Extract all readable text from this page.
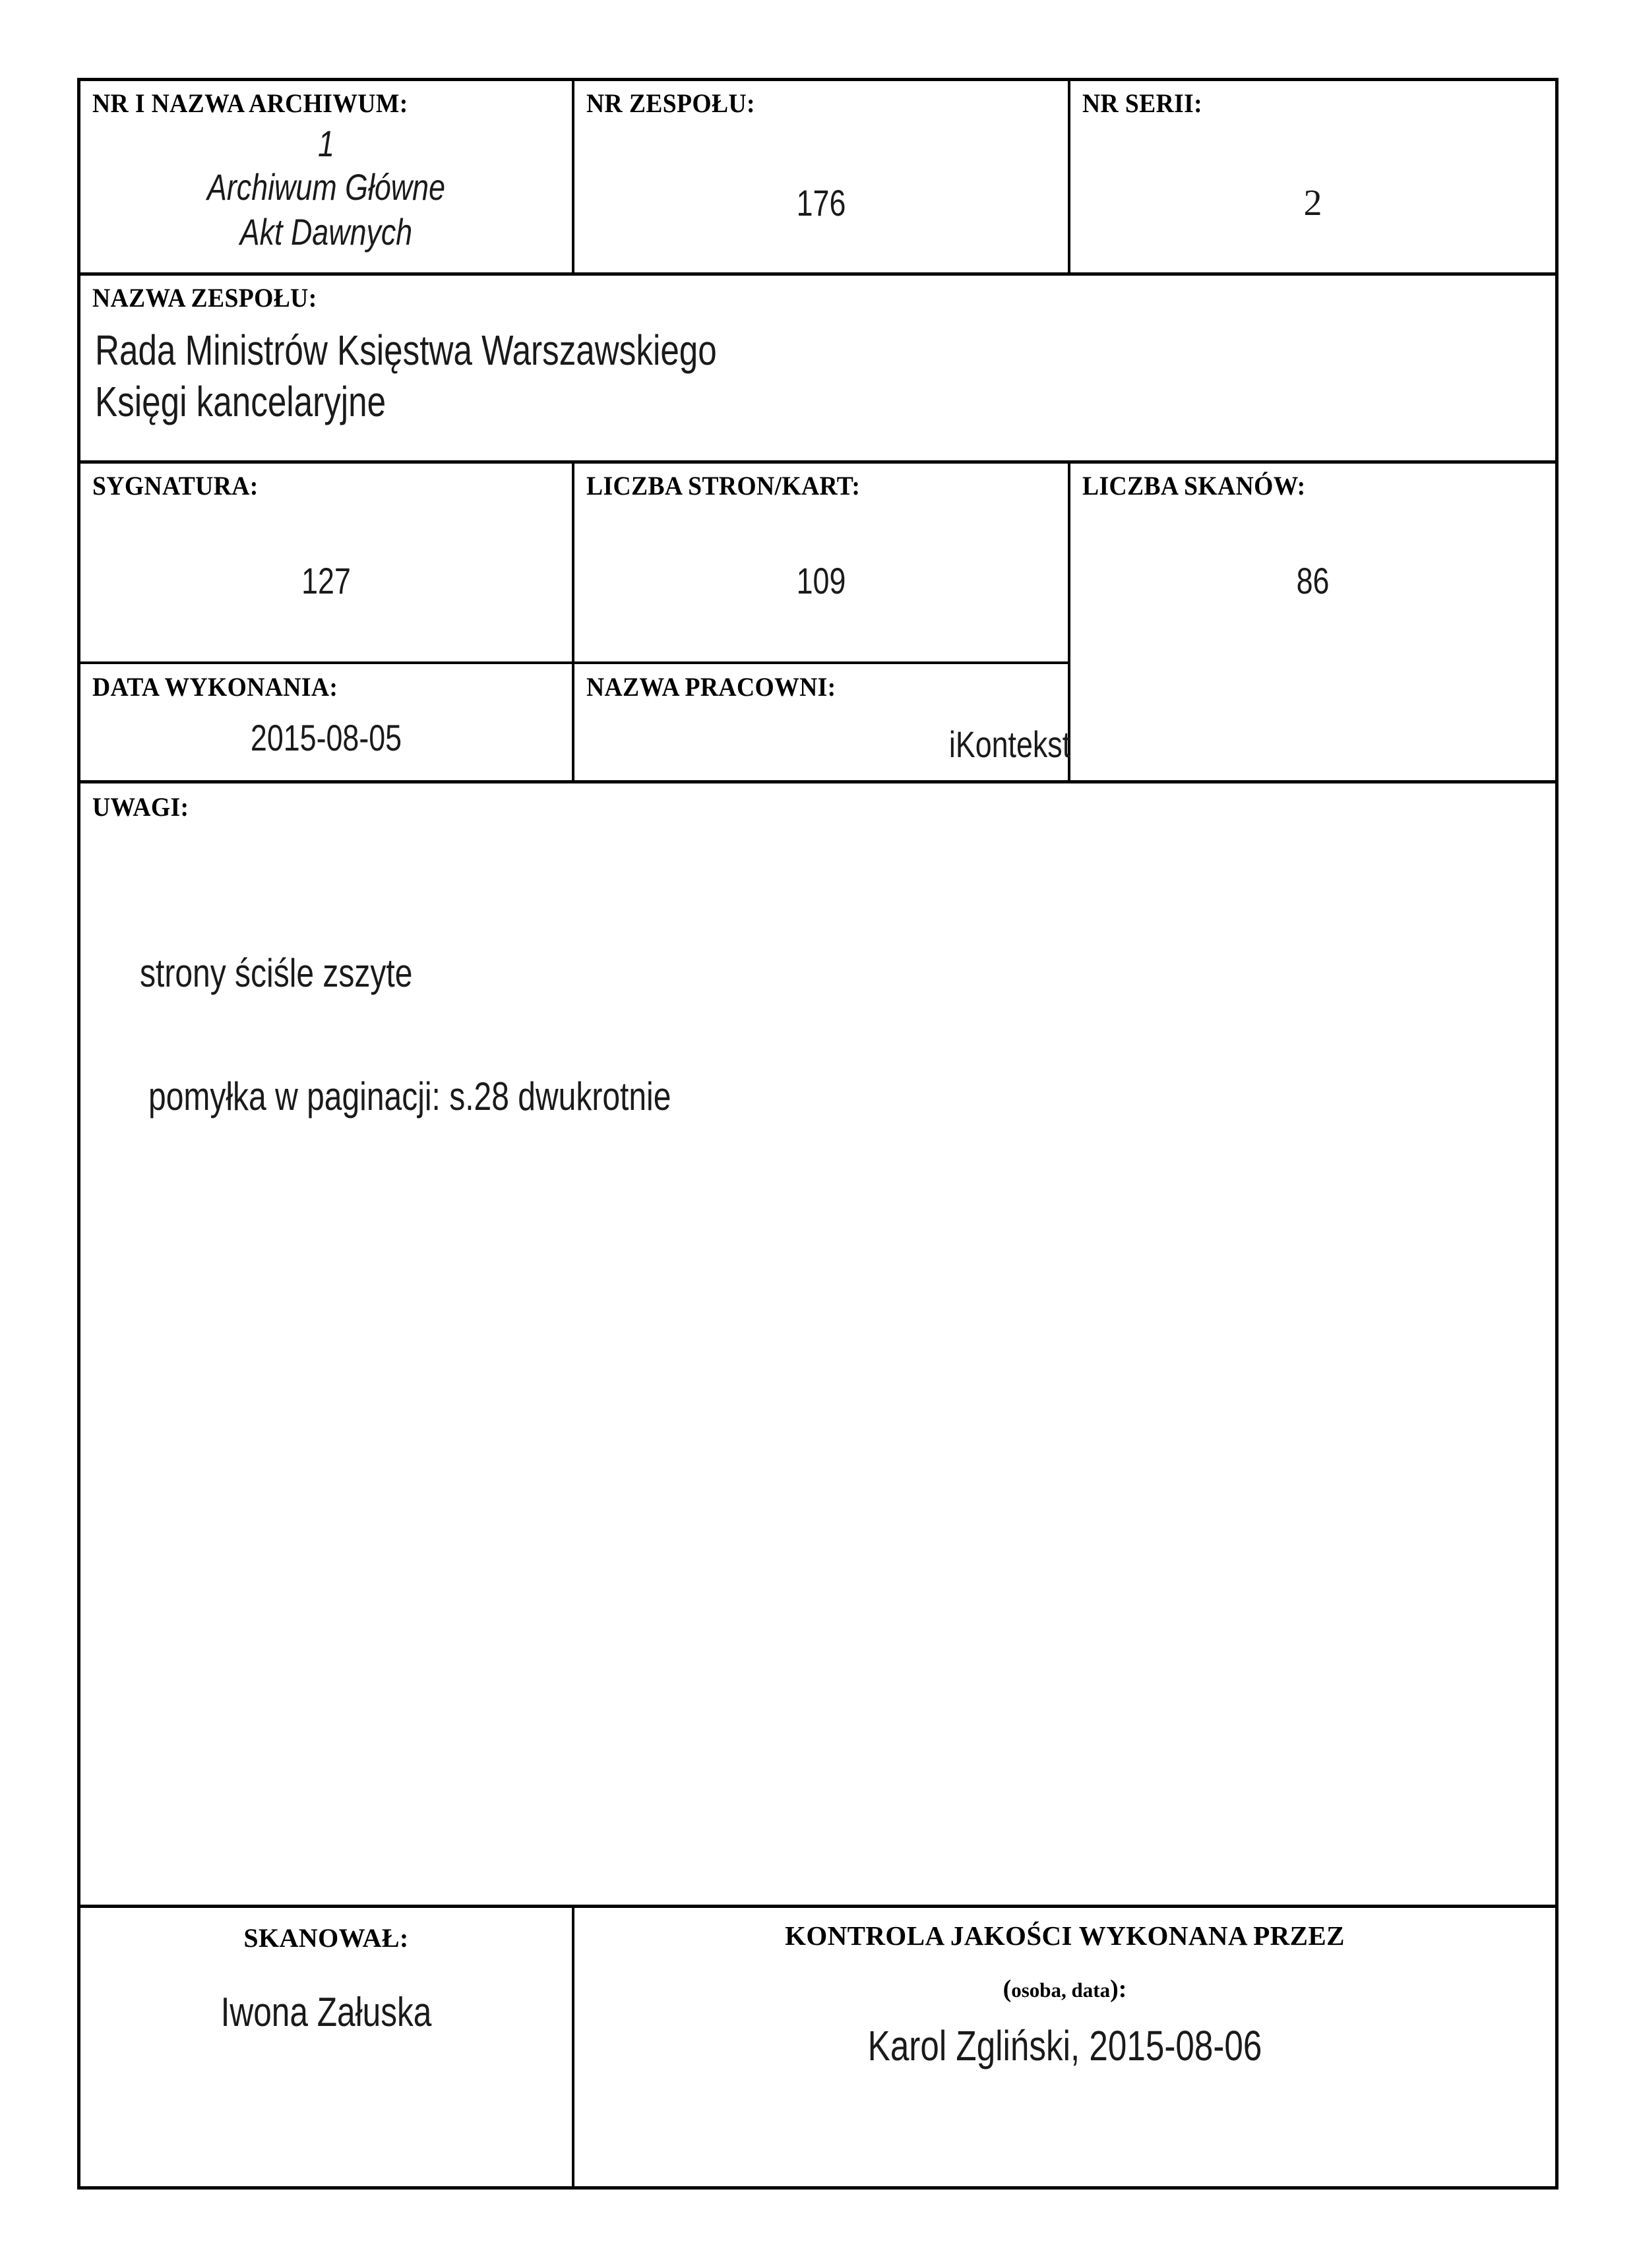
NR I NAZWA ARCHIWUM:
1
Archiwum Główne
Akt Dawnych
NR ZESPOŁU:
176
NR SERII:
2
NAZWA ZESPOŁU:
Rada Ministrów Księstwa Warszawskiego
Księgi kancelaryjne
SYGNATURA:
127
LICZBA STRON/KART:
109
LICZBA SKANÓW:
86
DATA WYKONANIA:	NAZWA PRACOWNI:
2015-08-05	iKontekst
UWAGI:
strony ściśle zszyte
pomyłka w paginacji: s.28 dwukrotnie
SKANOWAŁ:
Iwona Załuska
KONTROLA JAKOŚCI WYKONANA PRZEZ
(osoba, data):
Karol Zgliński, 2015-08-06
